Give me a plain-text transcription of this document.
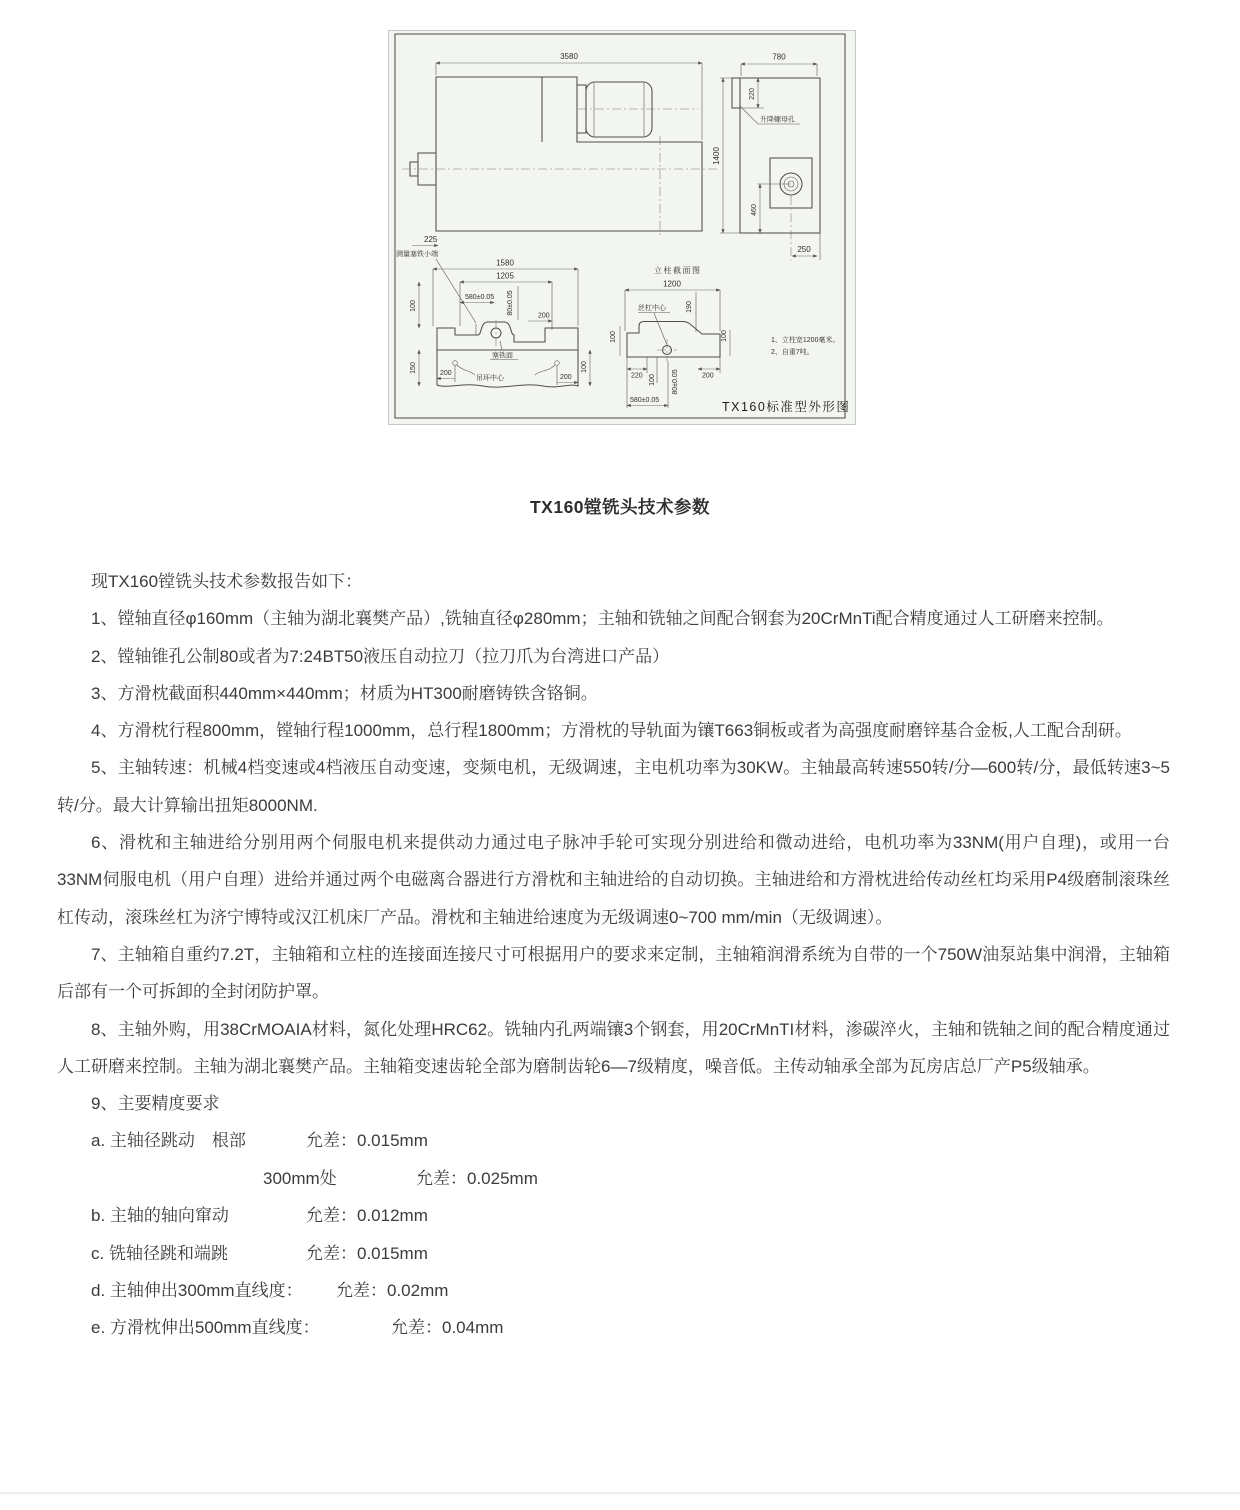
3580	780
220
升降螺母孔
1400
460
250
225
测量塞铁小端
1580
1205
580±0.05 80±0.05
100
200
塞铁面
吊环中心
150	200
200
100
立柱截面图
1200
丝杠中心	190
100	100
220 100 80±0.05	200
580±0.05
1、立柱宽1200毫米。
2、自重7吨。
TX160标准型外形图
TX160镗铣头技术参数

现TX160镗铣头技术参数报告如下：

1、镗轴直径φ160mm（主轴为湖北襄樊产品）,铣轴直径φ280mm；主轴和铣轴之间配合钢套为20CrMnTi配合精度通过人工研磨来控制。

2、镗轴锥孔公制80或者为7:24BT50液压自动拉刀（拉刀爪为台湾进口产品）

3、方滑枕截面积440mm×440mm；材质为HT300耐磨铸铁含铬铜。

4、方滑枕行程800mm，镗轴行程1000mm，总行程1800mm；方滑枕的导轨面为镶T663铜板或者为高强度耐磨锌基合金板,人工配合刮研。

5、主轴转速：机械4档变速或4档液压自动变速，变频电机，无级调速，主电机功率为30KW。主轴最高转速550转/分—600转/分，最低转速3~5转/分。最大计算输出扭矩8000NM.

6、滑枕和主轴进给分别用两个伺服电机来提供动力通过电子脉冲手轮可实现分别进给和微动进给，电机功率为33NM(用户自理)，或用一台33NM伺服电机（用户自理）进给并通过两个电磁离合器进行方滑枕和主轴进给的自动切换。主轴进给和方滑枕进给传动丝杠均采用P4级磨制滚珠丝杠传动，滚珠丝杠为济宁博特或汉江机床厂产品。滑枕和主轴进给速度为无级调速0~700 mm/min（无级调速）。

7、主轴箱自重约7.2T，主轴箱和立柱的连接面连接尺寸可根据用户的要求来定制，主轴箱润滑系统为自带的一个750W油泵站集中润滑，主轴箱后部有一个可拆卸的全封闭防护罩。

8、主轴外购，用38CrMOAIA材料，氮化处理HRC62。铣轴内孔两端镶3个钢套，用20CrMnTI材料，渗碳淬火，主轴和铣轴之间的配合精度通过人工研磨来控制。主轴为湖北襄樊产品。主轴箱变速齿轮全部为磨制齿轮6—7级精度，噪音低。主传动轴承全部为瓦房店总厂产P5级轴承。

9、主要精度要求

a. 主轴径跳动　根部	允差：0.015mm
300mm处	允差：0.025mm
b. 主轴的轴向窜动	允差：0.012mm
c. 铣轴径跳和端跳	允差：0.015mm
d. 主轴伸出300mm直线度： 允差：0.02mm
e. 方滑枕伸出500mm直线度：	允差：0.04mm
